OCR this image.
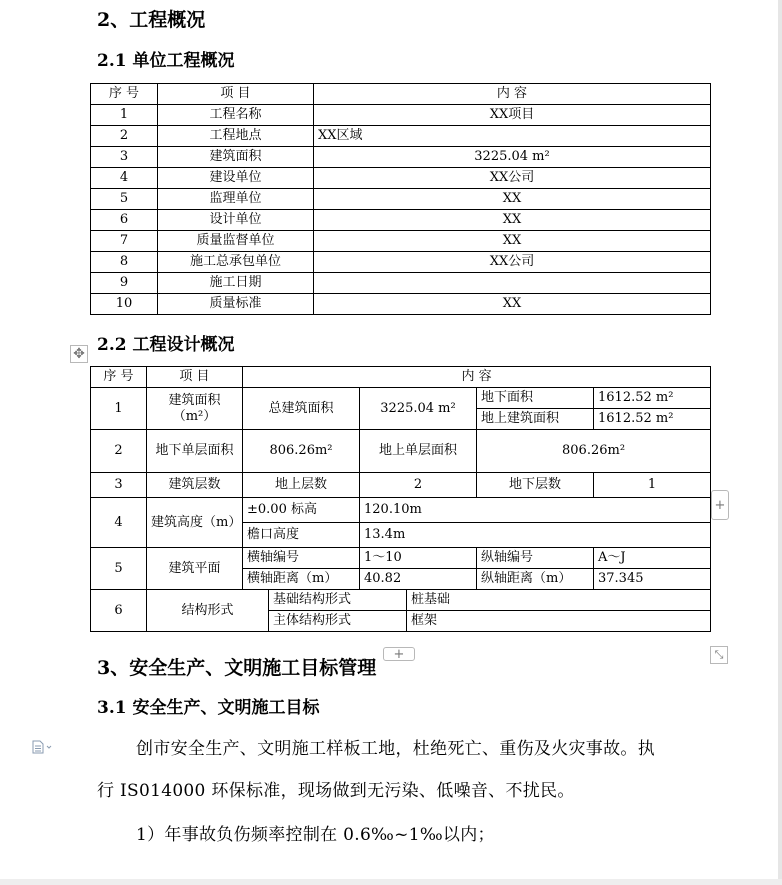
2、工程概况
2.1 单位工程概况
序 号	项 目	内 容
1	工程名称	XX项目
2	工程地点	XX区域
3	建筑面积	3225.04 m²
4	建设单位	XX公司
5	监理单位	XX
6	设计单位	XX
7	质量监督单位	XX
8	施工总承包单位	XX公司
9	施工日期	
10	质量标准	XX
✥ 2.2 工程设计概况
序 号	项 目	内 容					
1	建筑面积（m²）	总建筑面积		3225.04 m²		地下面积	1612.52 m²
						地上建筑面积	1612.52 m²
2	地下单层面积	806.26m²		地上单层面积		806.26m²	
3	建筑层数	地上层数		2		地下层数	1
4	建筑高度（m）	±0.00 标高		120.10m			
		檐口高度		13.4m			
5	建筑平面	横轴编号		1～10		纵轴编号	A～J
		横轴距离（m）		40.82		纵轴距离（m）	37.345
6	结构形式		基础结构形式		桩基础		
			主体结构形式		框架		
+
+	⤡
3、安全生产、文明施工目标管理
3.1 安全生产、文明施工目标
创市安全生产、文明施工样板工地，杜绝死亡、重伤及火灾事故。执
行 IS014000 环保标准，现场做到无污染、低噪音、不扰民。
1）年事故负伤频率控制在 0.6‰~1‰以内；
